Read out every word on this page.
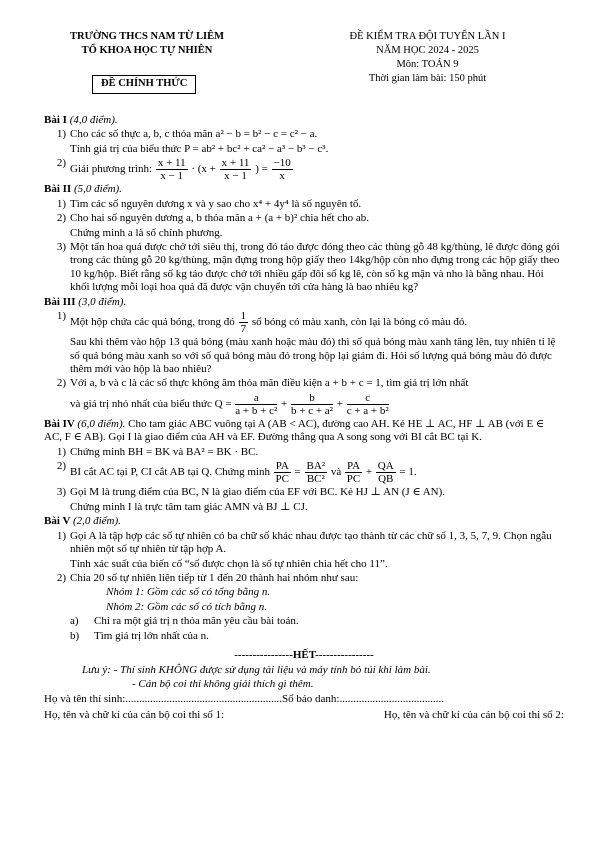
TRƯỜNG THCS NAM TỪ LIÊM
TỔ KHOA HỌC TỰ NHIÊN
ĐỀ CHÍNH THỨC
ĐỀ KIỂM TRA ĐỘI TUYỂN LẦN I
NĂM HỌC 2024 - 2025
Môn: TOÁN 9
Thời gian làm bài: 150 phút
Bài I (4,0 điểm).
1) Cho các số thực a, b, c thỏa mãn a² − b = b² − c = c² − a.
Tính giá trị của biểu thức P = ab² + bc² + ca² − a³ − b³ − c³.
2)
Giải phương trình: $\frac{x + 11}{x - 1} \cdot (x + \frac{x + 11}{x - 1}$ ) = $\frac{-10}{x}$
Bài II (5,0 điểm).
1) Tìm các số nguyên dương x và y sao cho x⁴ + 4y⁴ là số nguyên tố.
2) Cho hai số nguyên dương a, b thỏa mãn a + (a + b)² chia hết cho ab.
Chứng minh a là số chính phương.
3) Một tấn hoa quả được chở tới siêu thị, trong đó táo được đóng theo các thùng gỗ 48 kg/thùng, lê được đóng gói trong các thùng gỗ 20 kg/thùng, mận đựng trong hộp giấy theo 14kg/hộp còn nho đựng trong các hộp giấy theo 10 kg/hộp. Biết rằng số kg táo được chở tới nhiều gấp đôi số kg lê, còn số kg mận và nho là bằng nhau. Hỏi khối lượng mỗi loại hoa quả đã được vận chuyển tới cửa hàng là bao nhiêu kg?
Bài III (3,0 điểm).
1)
Một hộp chứa các quả bóng, trong đó $\frac{1}{7}$ số bóng có màu xanh, còn lại là bóng có màu đỏ.
Sau khi thêm vào hộp 13 quả bóng (màu xanh hoặc màu đỏ) thì số quả bóng màu xanh tăng lên, tuy nhiên tỉ lệ số quả bóng màu xanh so với số quả bóng màu đỏ trong hộp lại giảm đi. Hỏi số lượng quả bóng màu đỏ được thêm mới vào hộp là bao nhiêu?
2) Với a, b và c là các số thực không âm thỏa mãn điều kiện a + b + c = 1, tìm giá trị lớn nhất
và giá trị nhỏ nhất của biểu thức $Q = \frac{a}{\text{a + b + c²}} + \frac{b}{\text{b + c + a²}} + \frac{c}{\text{c + a + b²}}$
Bài IV (6,0 điểm). Cho tam giác ABC vuông tại A (AB < AC), đường cao AH. Kẻ HE ⊥ AC, HF ⊥ AB (với E ∈ AC, F ∈ AB). Gọi I là giao điểm của AH và EF. Đường thẳng qua A song song với BI cắt BC tại K.
1) Chứng minh BH = BK và BA² = BK · BC.
2)
BI cắt AC tại P, CI cắt AB tại Q. Chứng minh $\frac{PA}{PC} = \frac{\text{BA²}}{\text{BC²}}$ và $\frac{PA}{PC} + \frac{QA}{QB} = 1$.
3) Gọi M là trung điểm của BC, N là giao điểm của EF với BC. Kẻ HJ ⊥ AN (J ∈ AN).
Chứng minh I là trực tâm tam giác AMN và BJ ⊥ CJ.
Bài V (2,0 điểm).
1) Gọi A là tập hợp các số tự nhiên có ba chữ số khác nhau được tạo thành từ các chữ số 1, 3, 5, 7, 9. Chọn ngẫu nhiên một số tự nhiên từ tập hợp A.
Tính xác suất của biến cố “số được chọn là số tự nhiên chia hết cho 11”.
2) Chia 20 số tự nhiên liên tiếp từ 1 đến 20 thành hai nhóm như sau:
Nhóm 1: Gồm các số có tổng bằng n.
Nhóm 2: Gồm các số có tích bằng n.
a) Chỉ ra một giá trị n thỏa mãn yêu cầu bài toán.
b) Tìm giá trị lớn nhất của n.
----------------HẾT----------------
Lưu ý: - Thí sinh KHÔNG được sử dụng tài liệu và máy tính bỏ túi khi làm bài.
- Cán bộ coi thi không giải thích gì thêm.
Họ và tên thí sinh:.........................................................Số báo danh:......................................
Họ, tên và chữ kí của cán bộ coi thi số 1:	Họ, tên và chữ kí của cán bộ coi thi số 2:
